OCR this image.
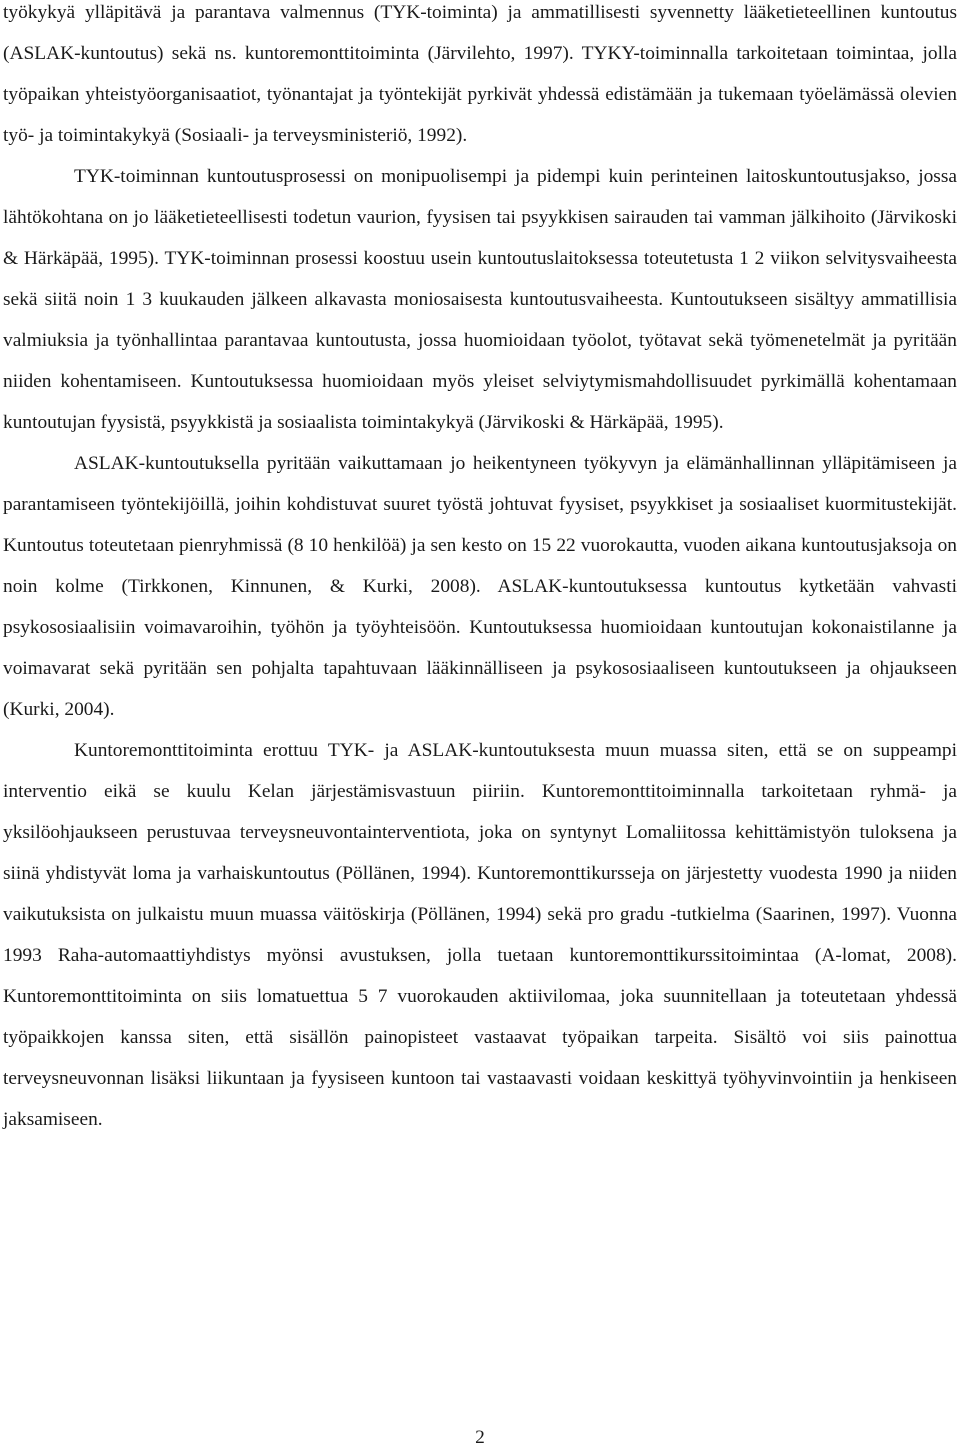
työkykyä ylläpitävä ja parantava valmennus (TYK-toiminta) ja ammatillisesti syvennetty lääketieteellinen kuntoutus (ASLAK-kuntoutus) sekä ns. kuntoremonttitoiminta (Järvilehto, 1997). TYKY-toiminnalla tarkoitetaan toimintaa, jolla työpaikan yhteistyöorganisaatiot, työnantajat ja työntekijät pyrkivät yhdessä edistämään ja tukemaan työelämässä olevien työ- ja toimintakykyä (Sosiaali- ja terveysministeriö, 1992).

TYK-toiminnan kuntoutusprosessi on monipuolisempi ja pidempi kuin perinteinen laitoskuntoutusjakso, jossa lähtökohtana on jo lääketieteellisesti todetun vaurion, fyysisen tai psyykkisen sairauden tai vamman jälkihoito (Järvikoski & Härkäpää, 1995). TYK-toiminnan prosessi koostuu usein kuntoutuslaitoksessa toteutetusta 1 2 viikon selvitysvaiheesta sekä siitä noin 1 3 kuukauden jälkeen alkavasta moniosaisesta kuntoutusvaiheesta. Kuntoutukseen sisältyy ammatillisia valmiuksia ja työnhallintaa parantavaa kuntoutusta, jossa huomioidaan työolot, työtavat sekä työmenetelmät ja pyritään niiden kohentamiseen. Kuntoutuksessa huomioidaan myös yleiset selviytymismahdollisuudet pyrkimällä kohentamaan kuntoutujan fyysistä, psyykkistä ja sosiaalista toimintakykyä (Järvikoski & Härkäpää, 1995).

ASLAK-kuntoutuksella pyritään vaikuttamaan jo heikentyneen työkyvyn ja elämänhallinnan ylläpitämiseen ja parantamiseen työntekijöillä, joihin kohdistuvat suuret työstä johtuvat fyysiset, psyykkiset ja sosiaaliset kuormitustekijät. Kuntoutus toteutetaan pienryhmissä (8 10 henkilöä) ja sen kesto on 15 22 vuorokautta, vuoden aikana kuntoutusjaksoja on noin kolme (Tirkkonen, Kinnunen, & Kurki, 2008). ASLAK-kuntoutuksessa kuntoutus kytketään vahvasti psykososiaalisiin voimavaroihin, työhön ja työyhteisöön. Kuntoutuksessa huomioidaan kuntoutujan kokonaistilanne ja voimavarat sekä pyritään sen pohjalta tapahtuvaan lääkinnälliseen ja psykososiaaliseen kuntoutukseen ja ohjaukseen (Kurki, 2004).

Kuntoremonttitoiminta erottuu TYK- ja ASLAK-kuntoutuksesta muun muassa siten, että se on suppeampi interventio eikä se kuulu Kelan järjestämisvastuun piiriin. Kuntoremonttitoiminnalla tarkoitetaan ryhmä- ja yksilöohjaukseen perustuvaa terveysneuvontainterventiota, joka on syntynyt Lomaliitossa kehittämistyön tuloksena ja siinä yhdistyvät loma ja varhaiskuntoutus (Pöllänen, 1994). Kuntoremonttikursseja on järjestetty vuodesta 1990 ja niiden vaikutuksista on julkaistu muun muassa väitöskirja (Pöllänen, 1994) sekä pro gradu -tutkielma (Saarinen, 1997). Vuonna 1993 Raha-automaattiyhdistys myönsi avustuksen, jolla tuetaan kuntoremonttikurssitoimintaa (A-lomat, 2008). Kuntoremonttitoiminta on siis lomatuettua 5 7 vuorokauden aktiivilomaa, joka suunnitellaan ja toteutetaan yhdessä työpaikkojen kanssa siten, että sisällön painopisteet vastaavat työpaikan tarpeita. Sisältö voi siis painottua terveysneuvonnan lisäksi liikuntaan ja fyysiseen kuntoon tai vastaavasti voidaan keskittyä työhyvinvointiin ja henkiseen jaksamiseen.

2
